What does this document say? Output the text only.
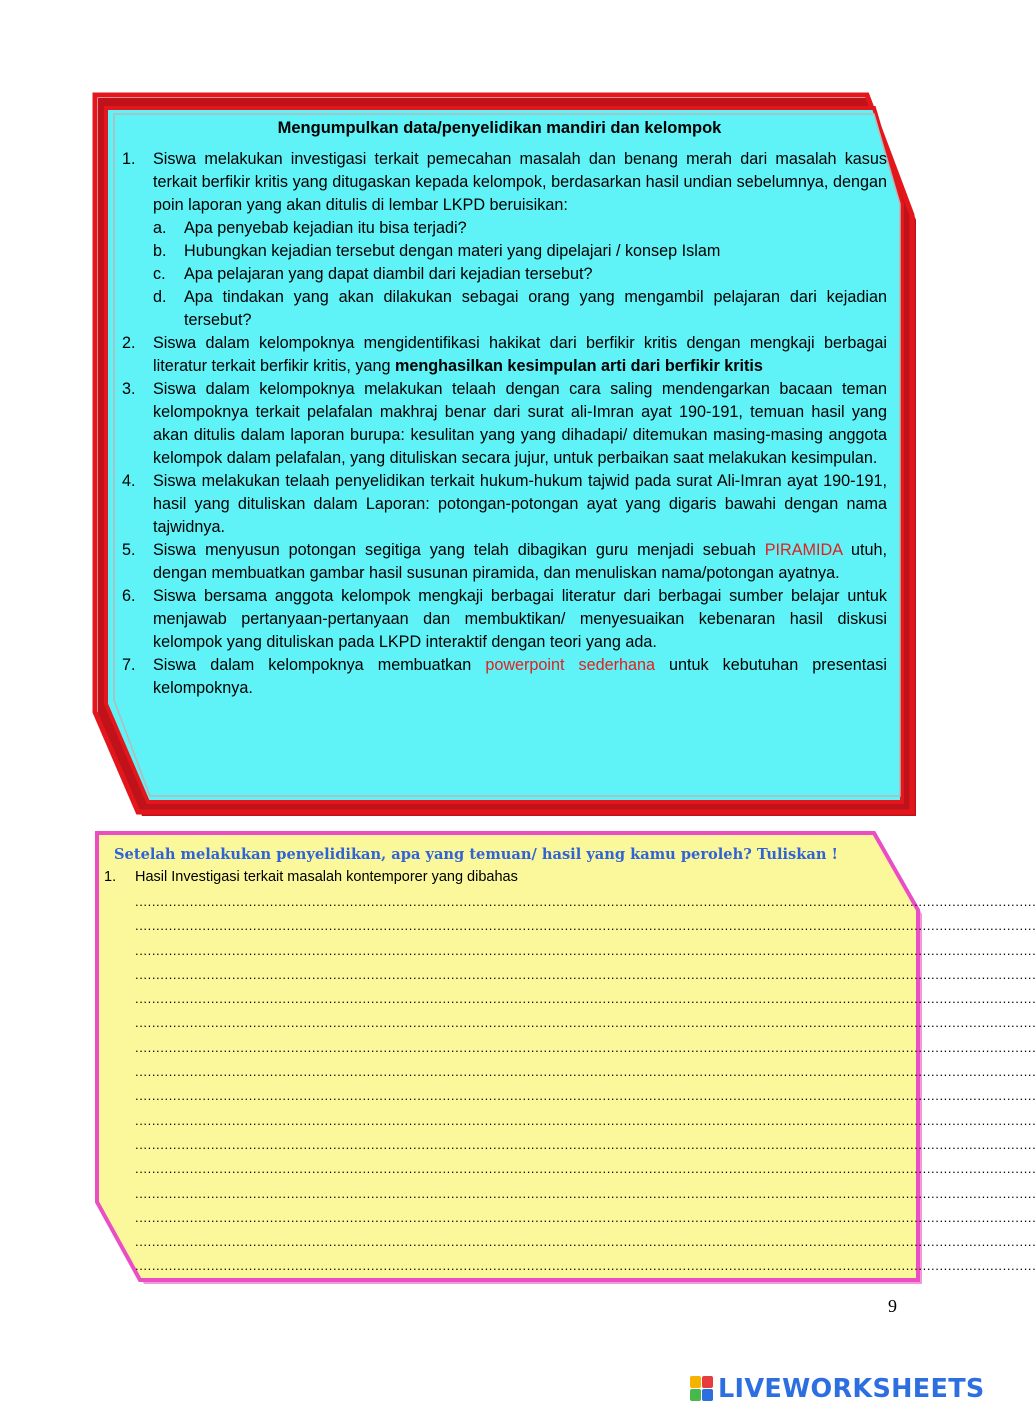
Mengumpulkan data/penyelidikan mandiri dan kelompok
1.	Siswa melakukan investigasi terkait pemecahan masalah dan benang merah dari masalah kasus terkait berfikir kritis yang ditugaskan kepada kelompok, berdasarkan hasil undian sebelumnya, dengan poin laporan yang akan ditulis di lembar LKPD beruisikan:
a.	Apa penyebab kejadian itu bisa terjadi?
b.	Hubungkan kejadian tersebut dengan materi yang dipelajari / konsep Islam
c.	Apa pelajaran yang dapat diambil dari kejadian tersebut?
d.	Apa tindakan yang akan dilakukan sebagai orang yang mengambil pelajaran dari kejadian tersebut?
2.	Siswa dalam kelompoknya mengidentifikasi hakikat dari berfikir kritis dengan mengkaji berbagai literatur terkait berfikir kritis, yang menghasilkan kesimpulan arti dari berfikir kritis
3.	Siswa dalam kelompoknya melakukan telaah dengan cara saling mendengarkan bacaan teman kelompoknya terkait pelafalan makhraj benar dari surat ali-Imran ayat 190-191, temuan hasil yang akan ditulis dalam laporan burupa: kesulitan yang yang dihadapi/ ditemukan masing-masing anggota kelompok dalam pelafalan, yang dituliskan secara jujur, untuk perbaikan saat melakukan kesimpulan.
4.	Siswa melakukan telaah penyelidikan terkait hukum-hukum tajwid pada surat Ali-Imran ayat 190-191, hasil yang dituliskan dalam Laporan: potongan-potongan ayat yang digaris bawahi dengan nama tajwidnya.
5.	Siswa menyusun potongan segitiga yang telah dibagikan guru menjadi sebuah PIRAMIDA utuh, dengan membuatkan gambar hasil susunan piramida, dan menuliskan nama/potongan ayatnya.
6.	Siswa bersama anggota kelompok mengkaji berbagai literatur dari berbagai sumber belajar untuk menjawab pertanyaan-pertanyaan dan membuktikan/ menyesuaikan kebenaran hasil diskusi kelompok yang dituliskan pada LKPD interaktif dengan teori yang ada.
7.	Siswa dalam kelompoknya membuatkan powerpoint sederhana untuk kebutuhan presentasi kelompoknya.
Setelah melakukan penyelidikan, apa yang temuan/ hasil yang kamu peroleh? Tuliskan !
1. Hasil Investigasi terkait masalah kontemporer yang dibahas
......................................................................................................................................................................................................................
......................................................................................................................................................................................................................
......................................................................................................................................................................................................................
......................................................................................................................................................................................................................
......................................................................................................................................................................................................................
......................................................................................................................................................................................................................
......................................................................................................................................................................................................................
......................................................................................................................................................................................................................
......................................................................................................................................................................................................................
......................................................................................................................................................................................................................
......................................................................................................................................................................................................................
......................................................................................................................................................................................................................
......................................................................................................................................................................................................................
......................................................................................................................................................................................................................
......................................................................................................................................................................................................................
......................................................................................................................................................................................................................
9
LIVEWORKSHEETS
